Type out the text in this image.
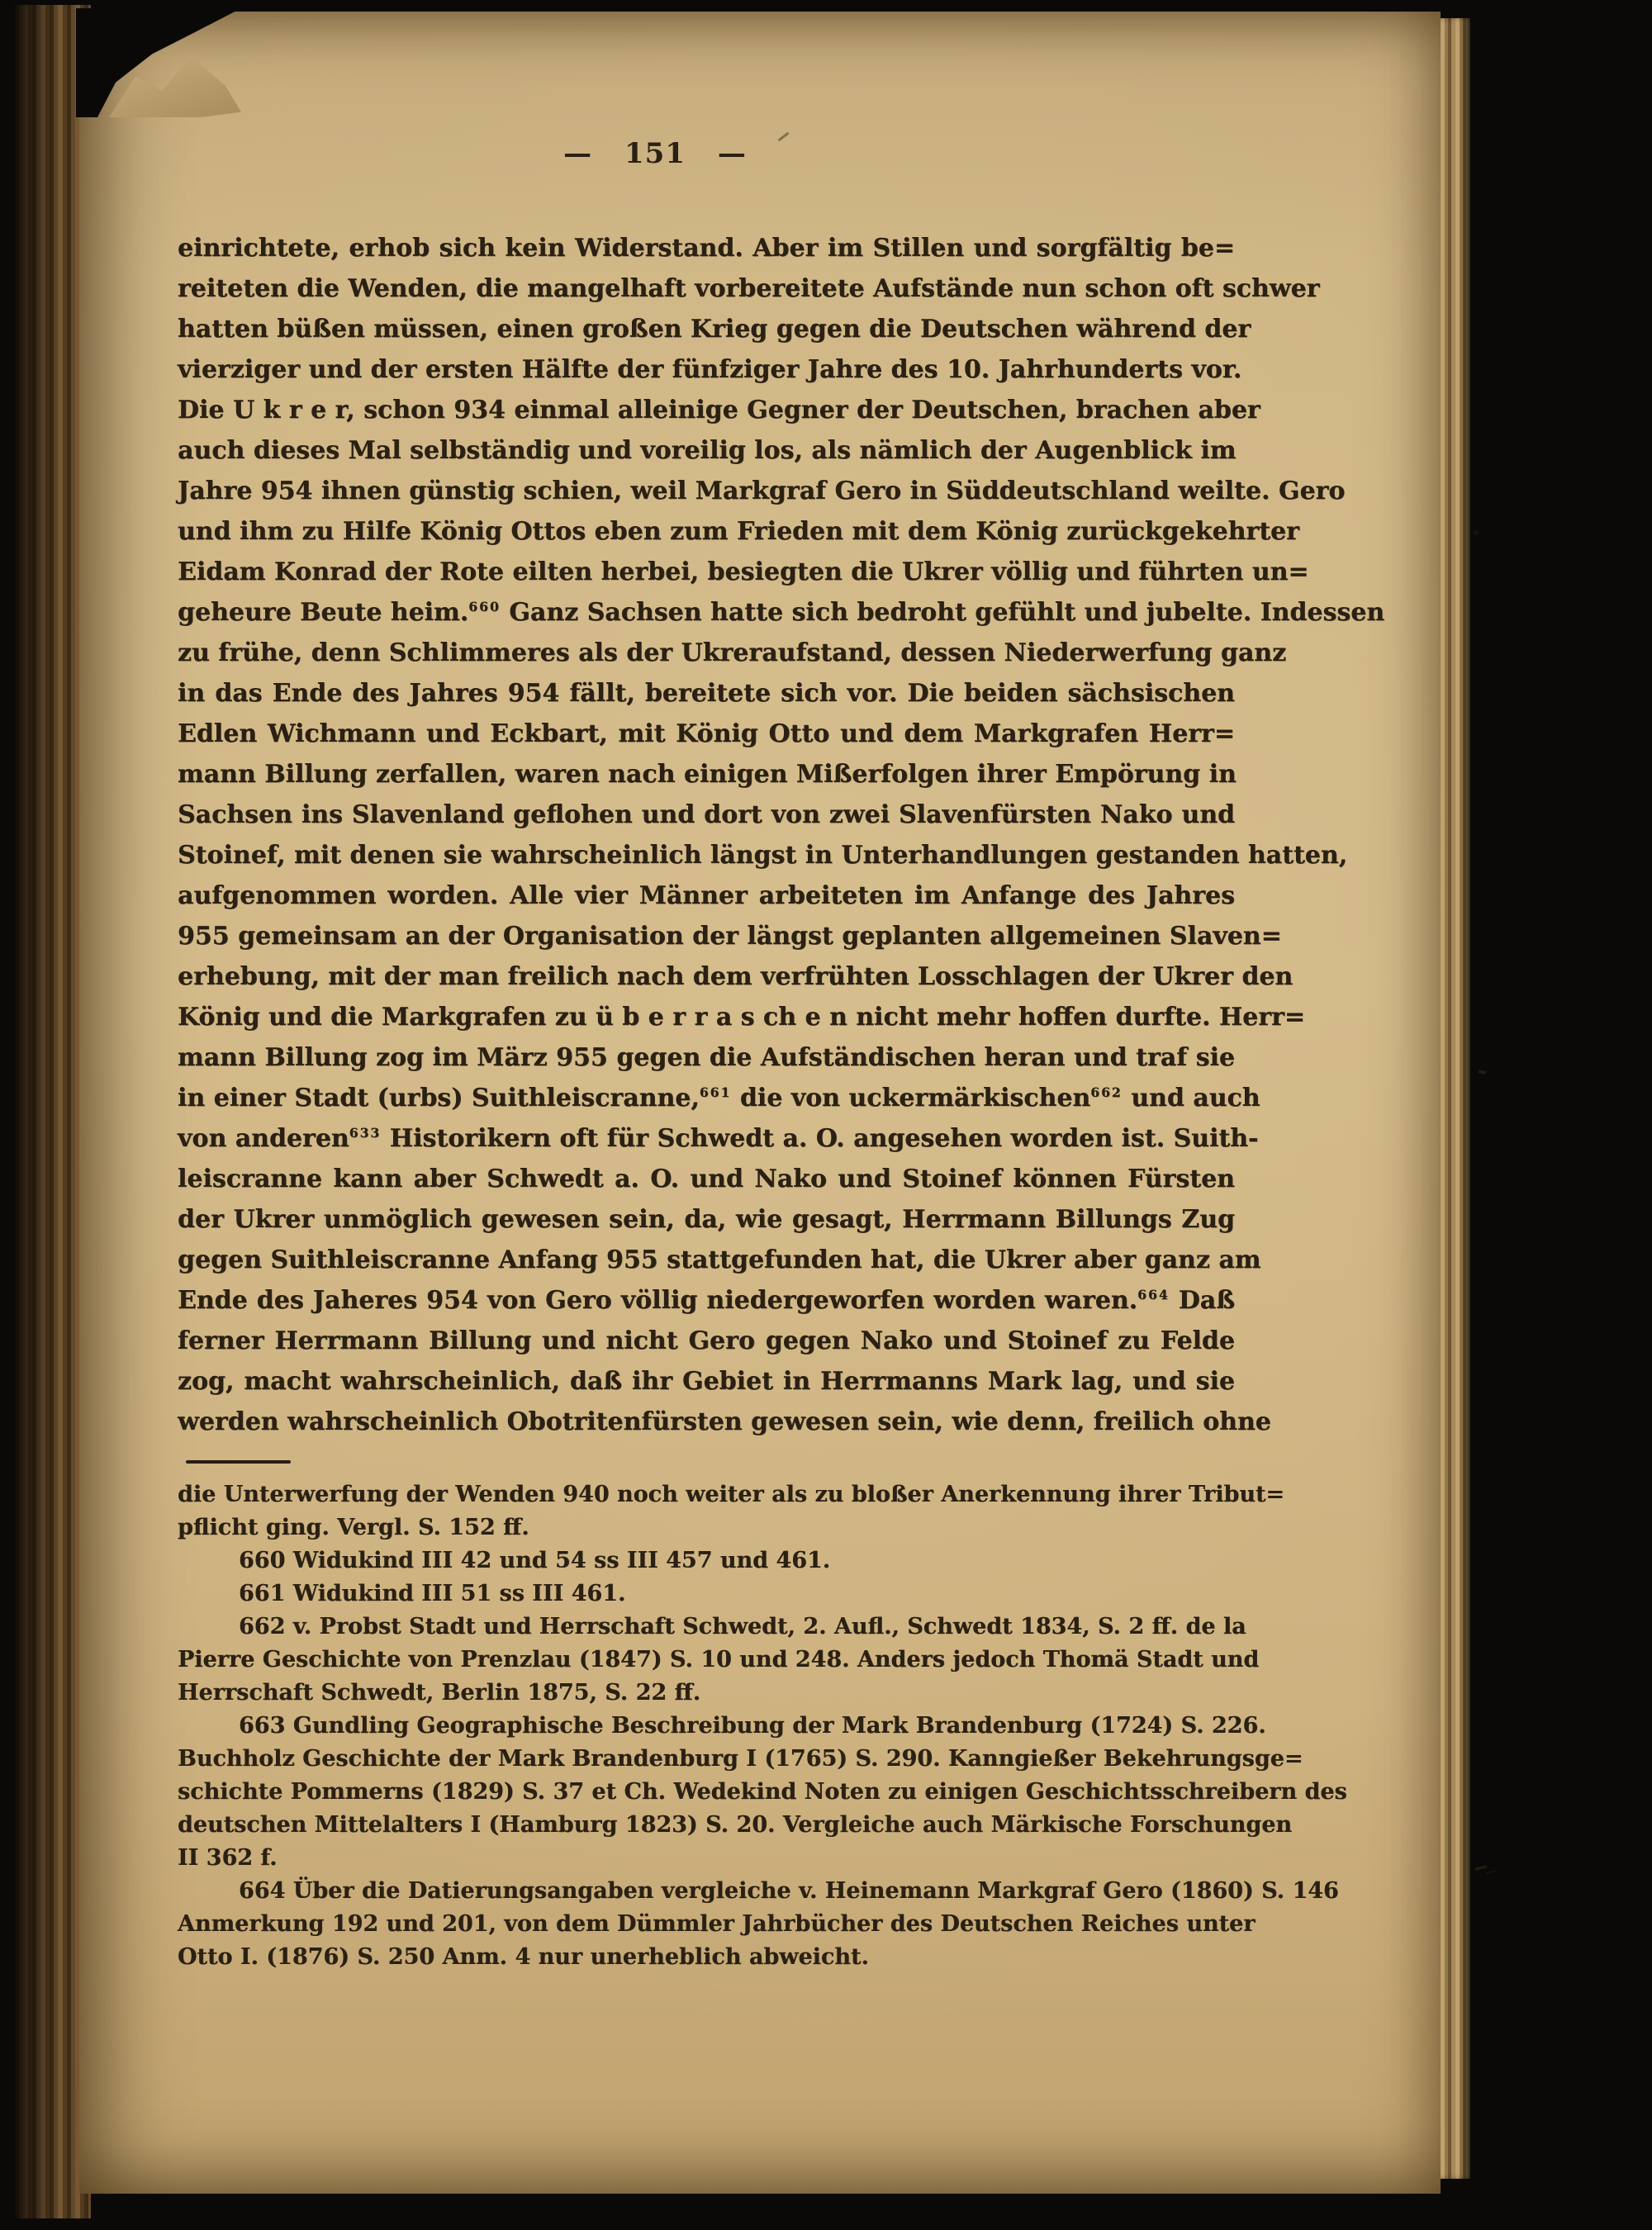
— 151 —
einrichtete, erhob sich kein Widerstand. Aber im Stillen und sorgfältig be=
reiteten die Wenden, die mangelhaft vorbereitete Aufstände nun schon oft schwer
hatten büßen müssen, einen großen Krieg gegen die Deutschen während der
vierziger und der ersten Hälfte der fünfziger Jahre des 10. Jahrhunderts vor.
Die U k r e r, schon 934 einmal alleinige Gegner der Deutschen, brachen aber
auch dieses Mal selbständig und voreilig los, als nämlich der Augenblick im
Jahre 954 ihnen günstig schien, weil Markgraf Gero in Süddeutschland weilte. Gero
und ihm zu Hilfe König Ottos eben zum Frieden mit dem König zurückgekehrter
Eidam Konrad der Rote eilten herbei, besiegten die Ukrer völlig und führten un=
geheure Beute heim.$^{660}$ Ganz Sachsen hatte sich bedroht gefühlt und jubelte. Indessen
zu frühe, denn Schlimmeres als der Ukreraufstand, dessen Niederwerfung ganz
in das Ende des Jahres 954 fällt, bereitete sich vor. Die beiden sächsischen
Edlen Wichmann und Eckbart, mit König Otto und dem Markgrafen Herr=
mann Billung zerfallen, waren nach einigen Mißerfolgen ihrer Empörung in
Sachsen ins Slavenland geflohen und dort von zwei Slavenfürsten Nako und
Stoinef, mit denen sie wahrscheinlich längst in Unterhandlungen gestanden hatten,
aufgenommen worden. Alle vier Männer arbeiteten im Anfange des Jahres
955 gemeinsam an der Organisation der längst geplanten allgemeinen Slaven=
erhebung, mit der man freilich nach dem verfrühten Losschlagen der Ukrer den
König und die Markgrafen zu ü b e r r a s ch e n nicht mehr hoffen durfte. Herr=
mann Billung zog im März 955 gegen die Aufständischen heran und traf sie
in einer Stadt (urbs) Suithleiscranne,$^{661}$ die von uckermärkischen$^{662}$ und auch
von anderen$^{633}$ Historikern oft für Schwedt a. O. angesehen worden ist. Suith-
leiscranne kann aber Schwedt a. O. und Nako und Stoinef können Fürsten
der Ukrer unmöglich gewesen sein, da, wie gesagt, Herrmann Billungs Zug
gegen Suithleiscranne Anfang 955 stattgefunden hat, die Ukrer aber ganz am
Ende des Jaheres 954 von Gero völlig niedergeworfen worden waren.$^{664}$ Daß
ferner Herrmann Billung und nicht Gero gegen Nako und Stoinef zu Felde
zog, macht wahrscheinlich, daß ihr Gebiet in Herrmanns Mark lag, und sie
werden wahrscheinlich Obotritenfürsten gewesen sein, wie denn, freilich ohne
die Unterwerfung der Wenden 940 noch weiter als zu bloßer Anerkennung ihrer Tribut=
pflicht ging. Vergl. S. 152 ff.
660 Widukind III 42 und 54 ss III 457 und 461.
661 Widukind III 51 ss III 461.
662 v. Probst Stadt und Herrschaft Schwedt, 2. Aufl., Schwedt 1834, S. 2 ff. de la
Pierre Geschichte von Prenzlau (1847) S. 10 und 248. Anders jedoch Thomä Stadt und
Herrschaft Schwedt, Berlin 1875, S. 22 ff.
663 Gundling Geographische Beschreibung der Mark Brandenburg (1724) S. 226.
Buchholz Geschichte der Mark Brandenburg I (1765) S. 290. Kanngießer Bekehrungsge=
schichte Pommerns (1829) S. 37 et Ch. Wedekind Noten zu einigen Geschichtsschreibern des
deutschen Mittelalters I (Hamburg 1823) S. 20. Vergleiche auch Märkische Forschungen
II 362 f.
664 Über die Datierungsangaben vergleiche v. Heinemann Markgraf Gero (1860) S. 146
Anmerkung 192 und 201, von dem Dümmler Jahrbücher des Deutschen Reiches unter
Otto I. (1876) S. 250 Anm. 4 nur unerheblich abweicht.
